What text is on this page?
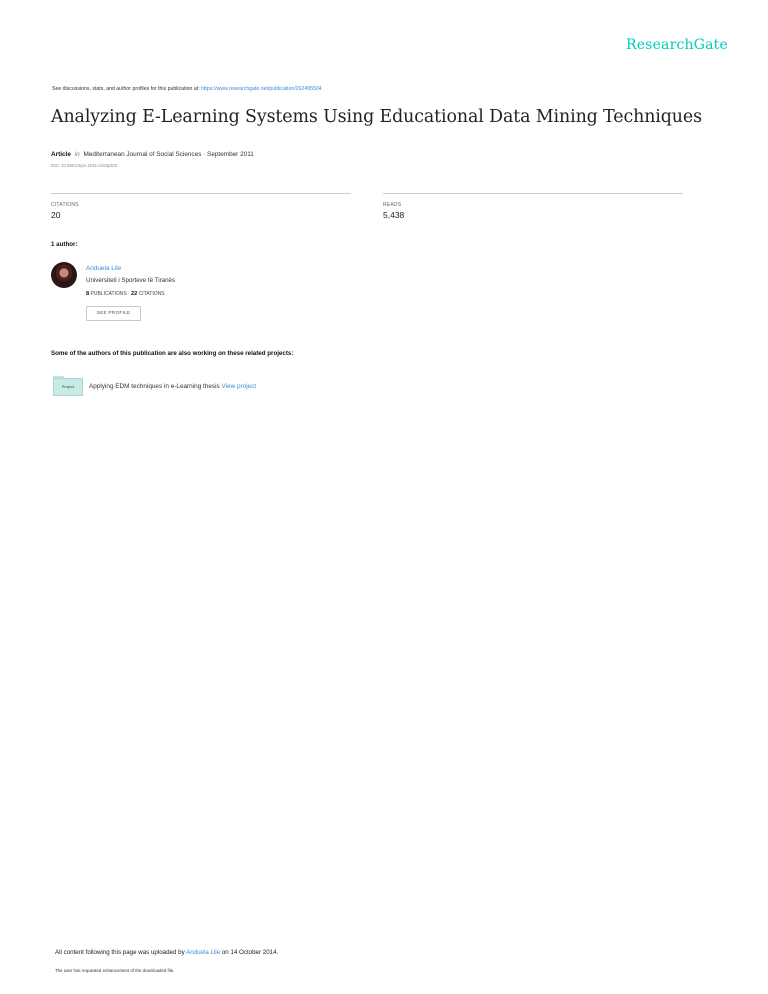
ResearchGate
See discussions, stats, and author profiles for this publication at: https://www.researchgate.net/publication/262495504
Analyzing E-Learning Systems Using Educational Data Mining Techniques
Article in Mediterranean Journal of Social Sciences · September 2011
DOI: 10.5901/mjss.2011.v2n3p403
CITATIONS
20
READS
5,438
1 author:
Anduela Lile
Universiteti i Sporteve të Tiranës
8 PUBLICATIONS 22 CITATIONS
SEE PROFILE
Some of the authors of this publication are also working on these related projects:
Project Applying EDM techniques in e-Learning thesis View project
All content following this page was uploaded by Anduela Lile on 14 October 2014.
The user has requested enhancement of the downloaded file.
